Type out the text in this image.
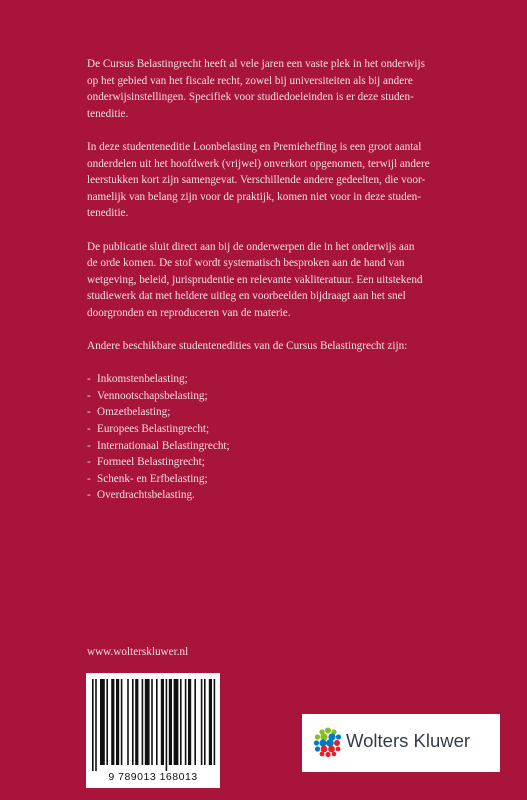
De Cursus Belastingrecht heeft al vele jaren een vaste plek in het onderwijs
op het gebied van het fiscale recht, zowel bij universiteiten als bij andere
onderwijsinstellingen. Specifiek voor studiedoeleinden is er deze studen-
teneditie.

In deze studenteneditie Loonbelasting en Premieheffing is een groot aantal
onderdelen uit het hoofdwerk (vrijwel) onverkort opgenomen, terwijl andere
leerstukken kort zijn samengevat. Verschillende andere gedeelten, die voor-
namelijk van belang zijn voor de praktijk, komen niet voor in deze studen-
teneditie.

De publicatie sluit direct aan bij de onderwerpen die in het onderwijs aan
de orde komen. De stof wordt systematisch besproken aan de hand van
wetgeving, beleid, jurisprudentie en relevante vakliteratuur. Een uitstekend
studiewerk dat met heldere uitleg en voorbeelden bijdraagt aan het snel
doorgronden en reproduceren van de materie.

Andere beschikbare studentenedities van de Cursus Belastingrecht zijn:

- Inkomstenbelasting;
- Vennootschapsbelasting;
- Omzetbelasting;
- Europees Belastingrecht;
- Internationaal Belastingrecht;
- Formeel Belastingrecht;
- Schenk- en Erfbelasting;
- Overdrachtsbelasting.
www.wolterskluwer.nl
9 789013 168013
Wolters Kluwer
